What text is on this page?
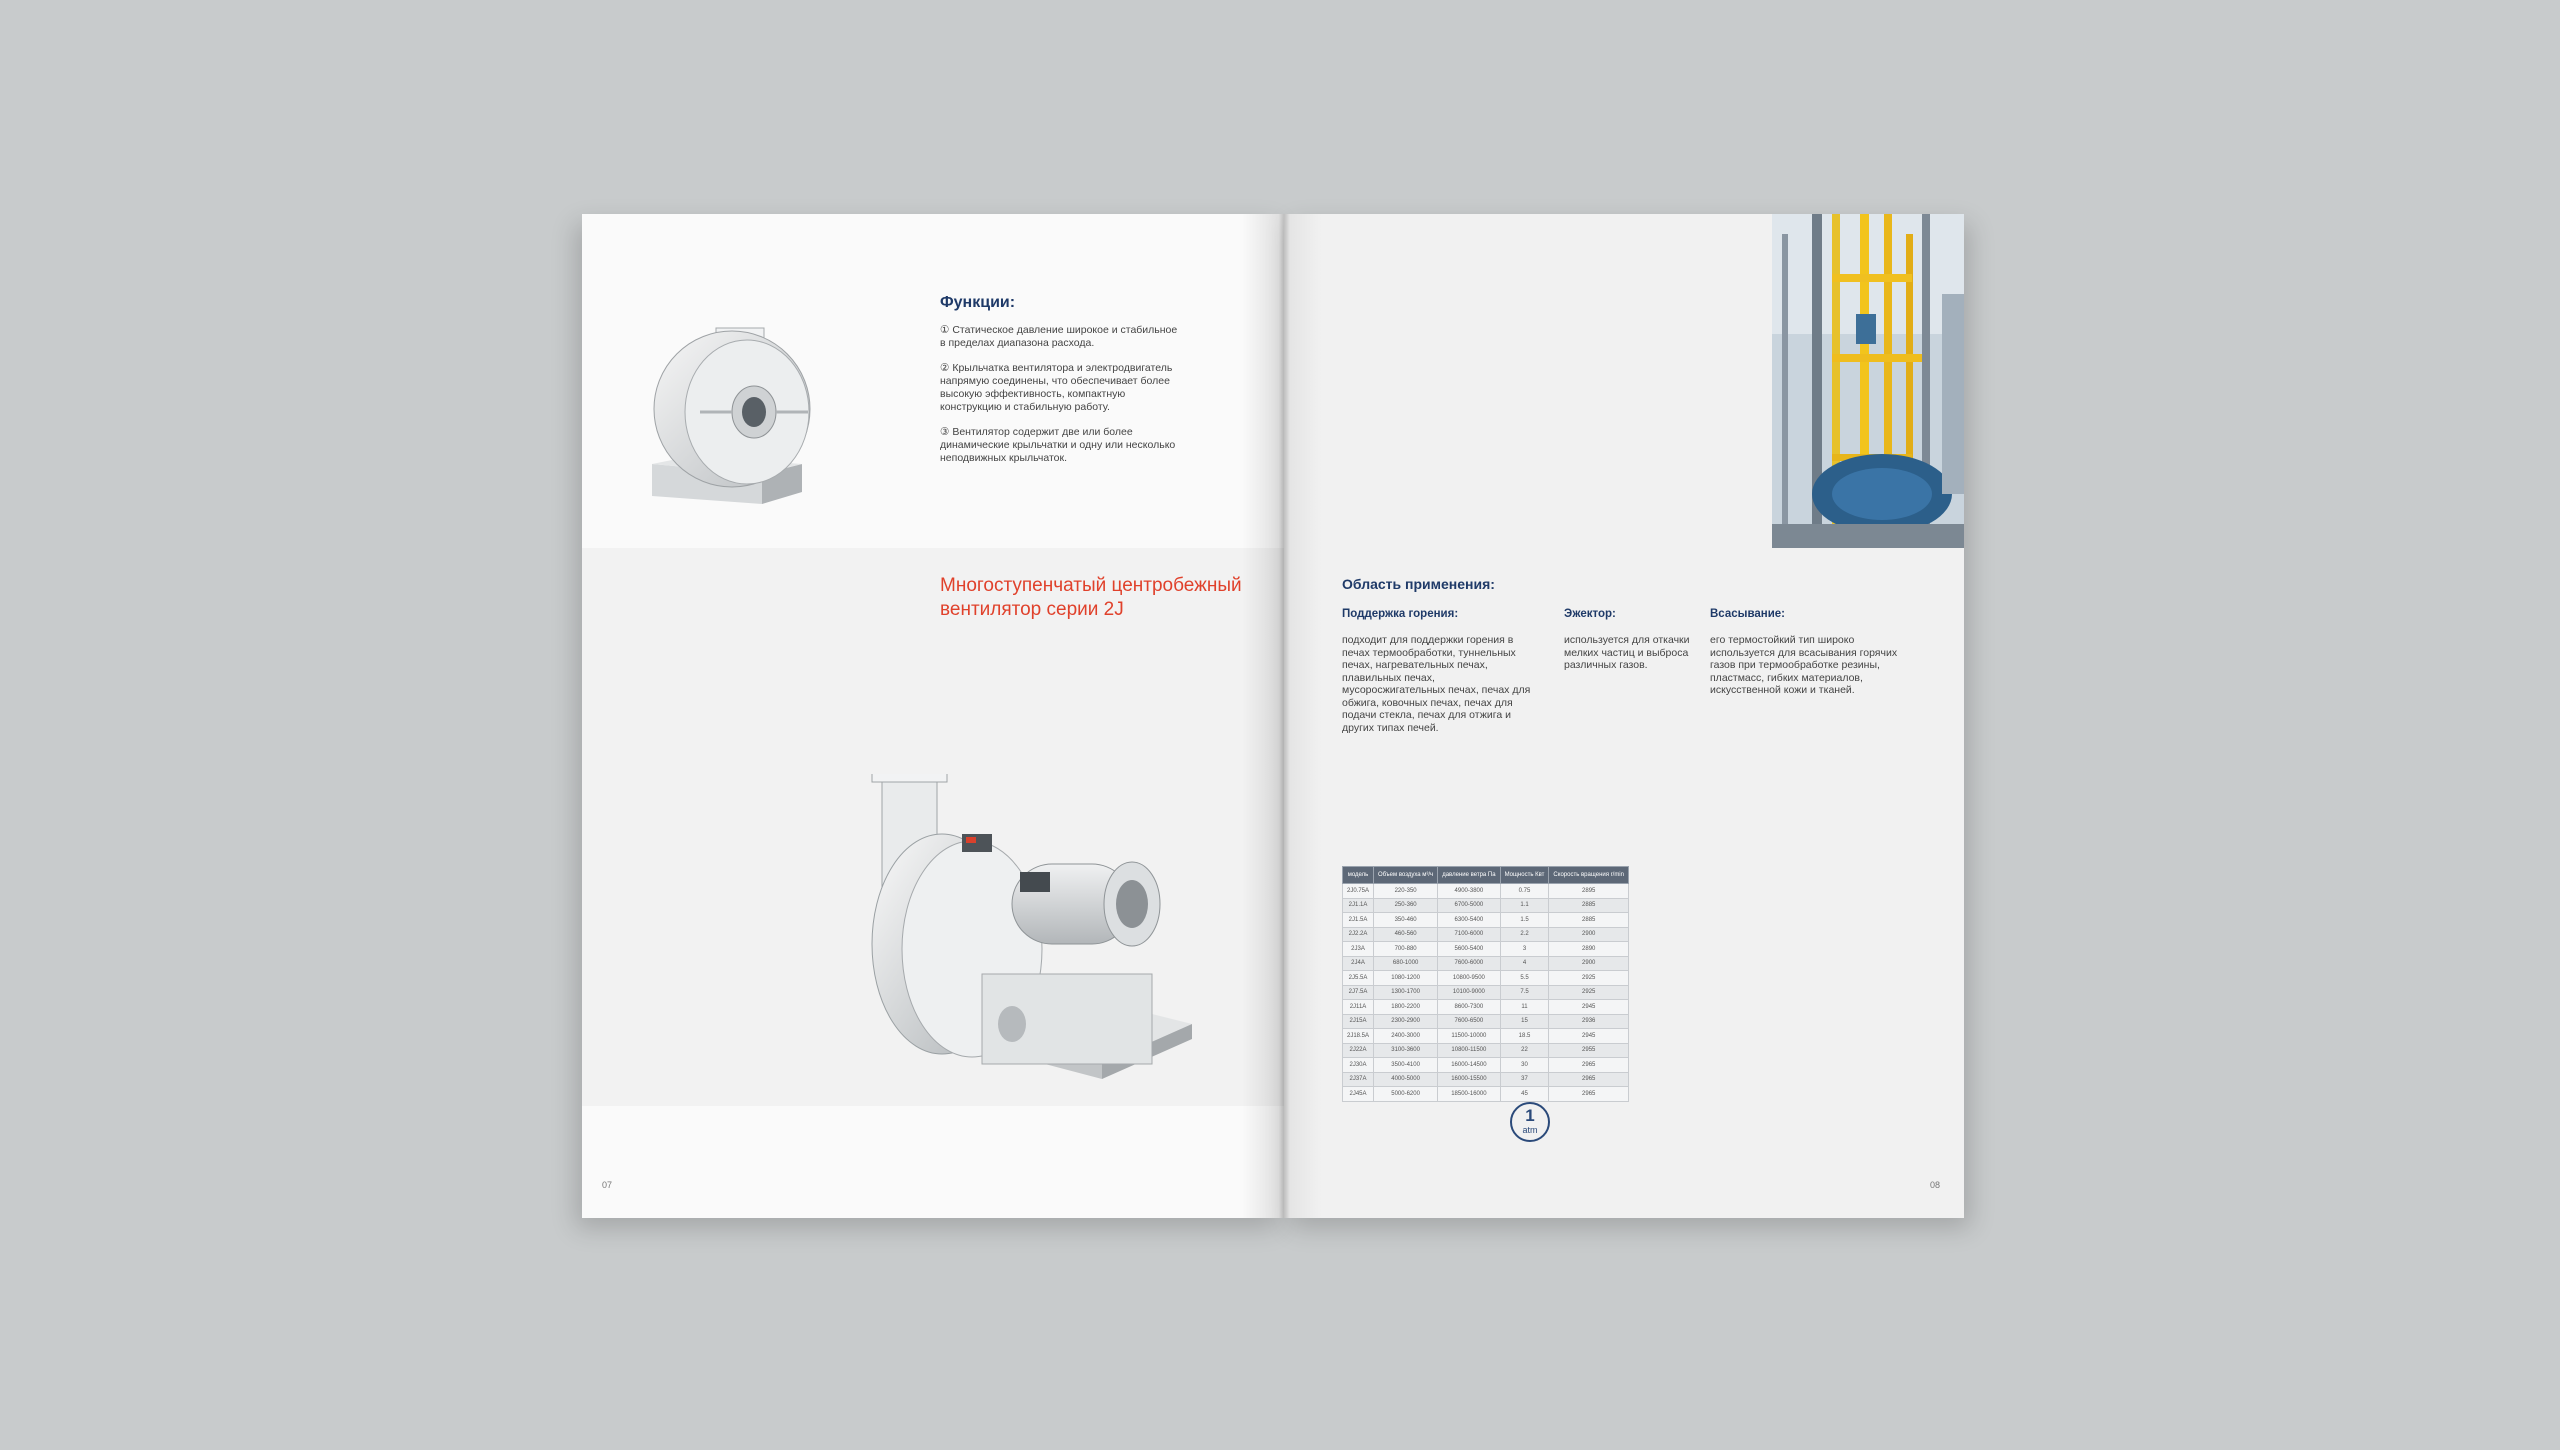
Функции:

① Статическое давление широкое и стабильное в пределах диапазона расхода.

② Крыльчатка вентилятора и электродвигатель напрямую соединены, что обеспечивает более высокую эффективность, компактную конструкцию и стабильную работу.

③ Вентилятор содержит две или более динамические крыльчатки и одну или несколько неподвижных крыльчаток.

Многоступенчатый центробежный вентилятор серии 2J
07
Область применения:
Поддержка горения:
подходит для поддержки горения в печах термообработки, туннельных печах, нагревательных печах, плавильных печах, мусоросжигательных печах, печах для обжига, ковочных печах, печах для подачи стекла, печах для отжига и других типах печей.
Эжектор:
используется для откачки мелких частиц и выброса различных газов.
Всасывание:
его термостойкий тип широко используется для всасывания горячих газов при термообработке резины, пластмасс, гибких материалов, искусственной кожи и тканей.
модель	Объем воздуха м³/ч	давление ветра Па	Мощность Квт	Скорость вращения r/min
2J0.75A	220-350	4900-3800	0.75	2895
2J1.1A	250-360	6700-5000	1.1	2885
2J1.5A	350-460	6300-5400	1.5	2885
2J2.2A	460-560	7100-6000	2.2	2900
2J3A	700-880	5600-5400	3	2890
2J4A	680-1000	7600-6000	4	2900
2J5.5A	1080-1200	10800-9500	5.5	2925
2J7.5A	1300-1700	10100-9000	7.5	2925
2J11A	1800-2200	8600-7300	11	2945
2J15A	2300-2900	7600-6500	15	2936
2J18.5A	2400-3000	11500-10000	18.5	2945
2J22A	3100-3600	10800-11500	22	2955
2J30A	3500-4100	16000-14500	30	2965
2J37A	4000-5000	16000-15500	37	2965
2J45A	5000-6200	18500-16000	45	2965
1
atm
08
